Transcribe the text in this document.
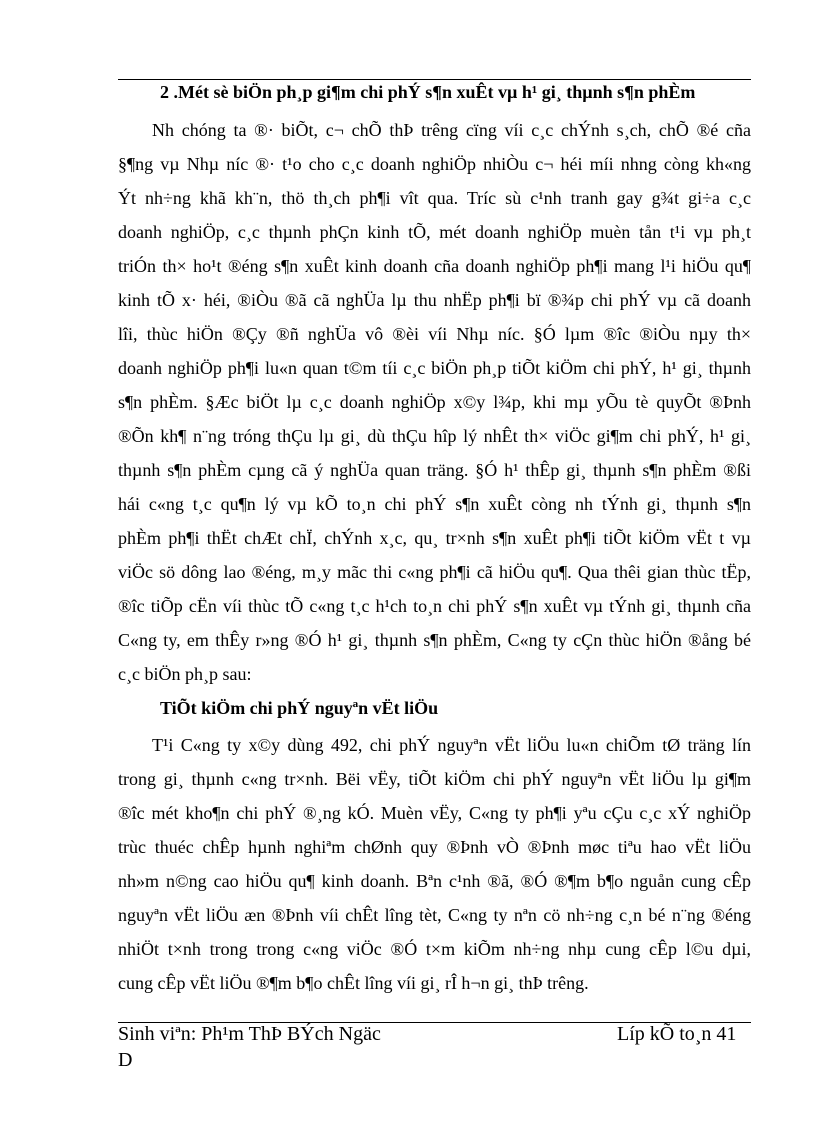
2 .Mét sè biÖn ph¸p gi¶m chi phÝ s¶n xuÊt vµ h¹ gi¸ thµnh s¶n phÈm
Nh chóng ta ®· biÕt, c¬ chÕ thÞ trêng cïng víi c¸c chÝnh s¸ch, chÕ ®é cña
§¶ng vµ Nhµ níc ®· t¹o cho c¸c doanh nghiÖp nhiÒu c¬ héi míi nhng còng kh«ng
Ýt nh÷ng khã kh¨n, thö th¸ch ph¶i vît qua. Tríc sù c¹nh tranh gay g¾t gi÷a c¸c
doanh nghiÖp, c¸c thµnh phÇn kinh tÕ, mét doanh nghiÖp muèn tån t¹i vµ ph¸t
triÓn th× ho¹t ®éng s¶n xuÊt kinh doanh cña doanh nghiÖp ph¶i mang l¹i hiÖu qu¶
kinh tÕ x· héi, ®iÒu ®ã cã nghÜa lµ thu nhËp ph¶i bï ®¾p chi phÝ vµ cã doanh
lîi, thùc hiÖn ®Çy ®ñ nghÜa vô ®èi víi Nhµ níc. §Ó lµm ®îc ®iÒu nµy th×
doanh nghiÖp ph¶i lu«n quan t©m tíi c¸c biÖn ph¸p tiÕt kiÖm chi phÝ, h¹ gi¸ thµnh
s¶n phÈm. §Æc biÖt lµ c¸c doanh nghiÖp x©y l¾p, khi mµ yÕu tè quyÕt ®Þnh
®Õn kh¶ n¨ng tróng thÇu lµ gi¸ dù thÇu hîp lý nhÊt th× viÖc gi¶m chi phÝ, h¹ gi¸
thµnh s¶n phÈm cµng cã ý nghÜa quan träng. §Ó h¹ thÊp gi¸ thµnh s¶n phÈm ®ßi
hái c«ng t¸c qu¶n lý vµ kÕ to¸n chi phÝ s¶n xuÊt còng nh tÝnh gi¸ thµnh s¶n
phÈm ph¶i thËt chÆt chÏ, chÝnh x¸c, qu¸ tr×nh s¶n xuÊt ph¶i tiÕt kiÖm vËt t vµ
viÖc sö dông lao ®éng, m¸y mãc thi c«ng ph¶i cã hiÖu qu¶. Qua thêi gian thùc tËp,
®îc tiÕp cËn víi thùc tÕ c«ng t¸c h¹ch to¸n chi phÝ s¶n xuÊt vµ tÝnh gi¸ thµnh cña
C«ng ty, em thÊy r»ng ®Ó h¹ gi¸ thµnh s¶n phÈm, C«ng ty cÇn thùc hiÖn ®ång bé
c¸c biÖn ph¸p sau:
TiÕt kiÖm chi phÝ nguyªn vËt liÖu
T¹i C«ng ty x©y dùng 492, chi phÝ nguyªn vËt liÖu lu«n chiÕm tØ träng lín
trong gi¸ thµnh c«ng tr×nh. Bëi vËy, tiÕt kiÖm chi phÝ nguyªn vËt liÖu lµ gi¶m
®îc mét kho¶n chi phÝ ®¸ng kÓ. Muèn vËy, C«ng ty ph¶i yªu cÇu c¸c xÝ nghiÖp
trùc thuéc chÊp hµnh nghiªm chØnh quy ®Þnh vÒ ®Þnh møc tiªu hao vËt liÖu
nh»m n©ng cao hiÖu qu¶ kinh doanh. Bªn c¹nh ®ã, ®Ó ®¶m b¶o nguån cung cÊp
nguyªn vËt liÖu æn ®Þnh víi chÊt lîng tèt, C«ng ty nªn cö nh÷ng c¸n bé n¨ng ®éng
nhiÖt t×nh trong trong c«ng viÖc ®Ó t×m kiÕm nh÷ng nhµ cung cÊp l©u dµi,
cung cÊp vËt liÖu ®¶m b¶o chÊt lîng víi gi¸ rÎ h¬n gi¸ thÞ trêng.
Sinh viªn: Ph¹m ThÞ BÝch Ngäc
D
Líp kÕ to¸n 41
